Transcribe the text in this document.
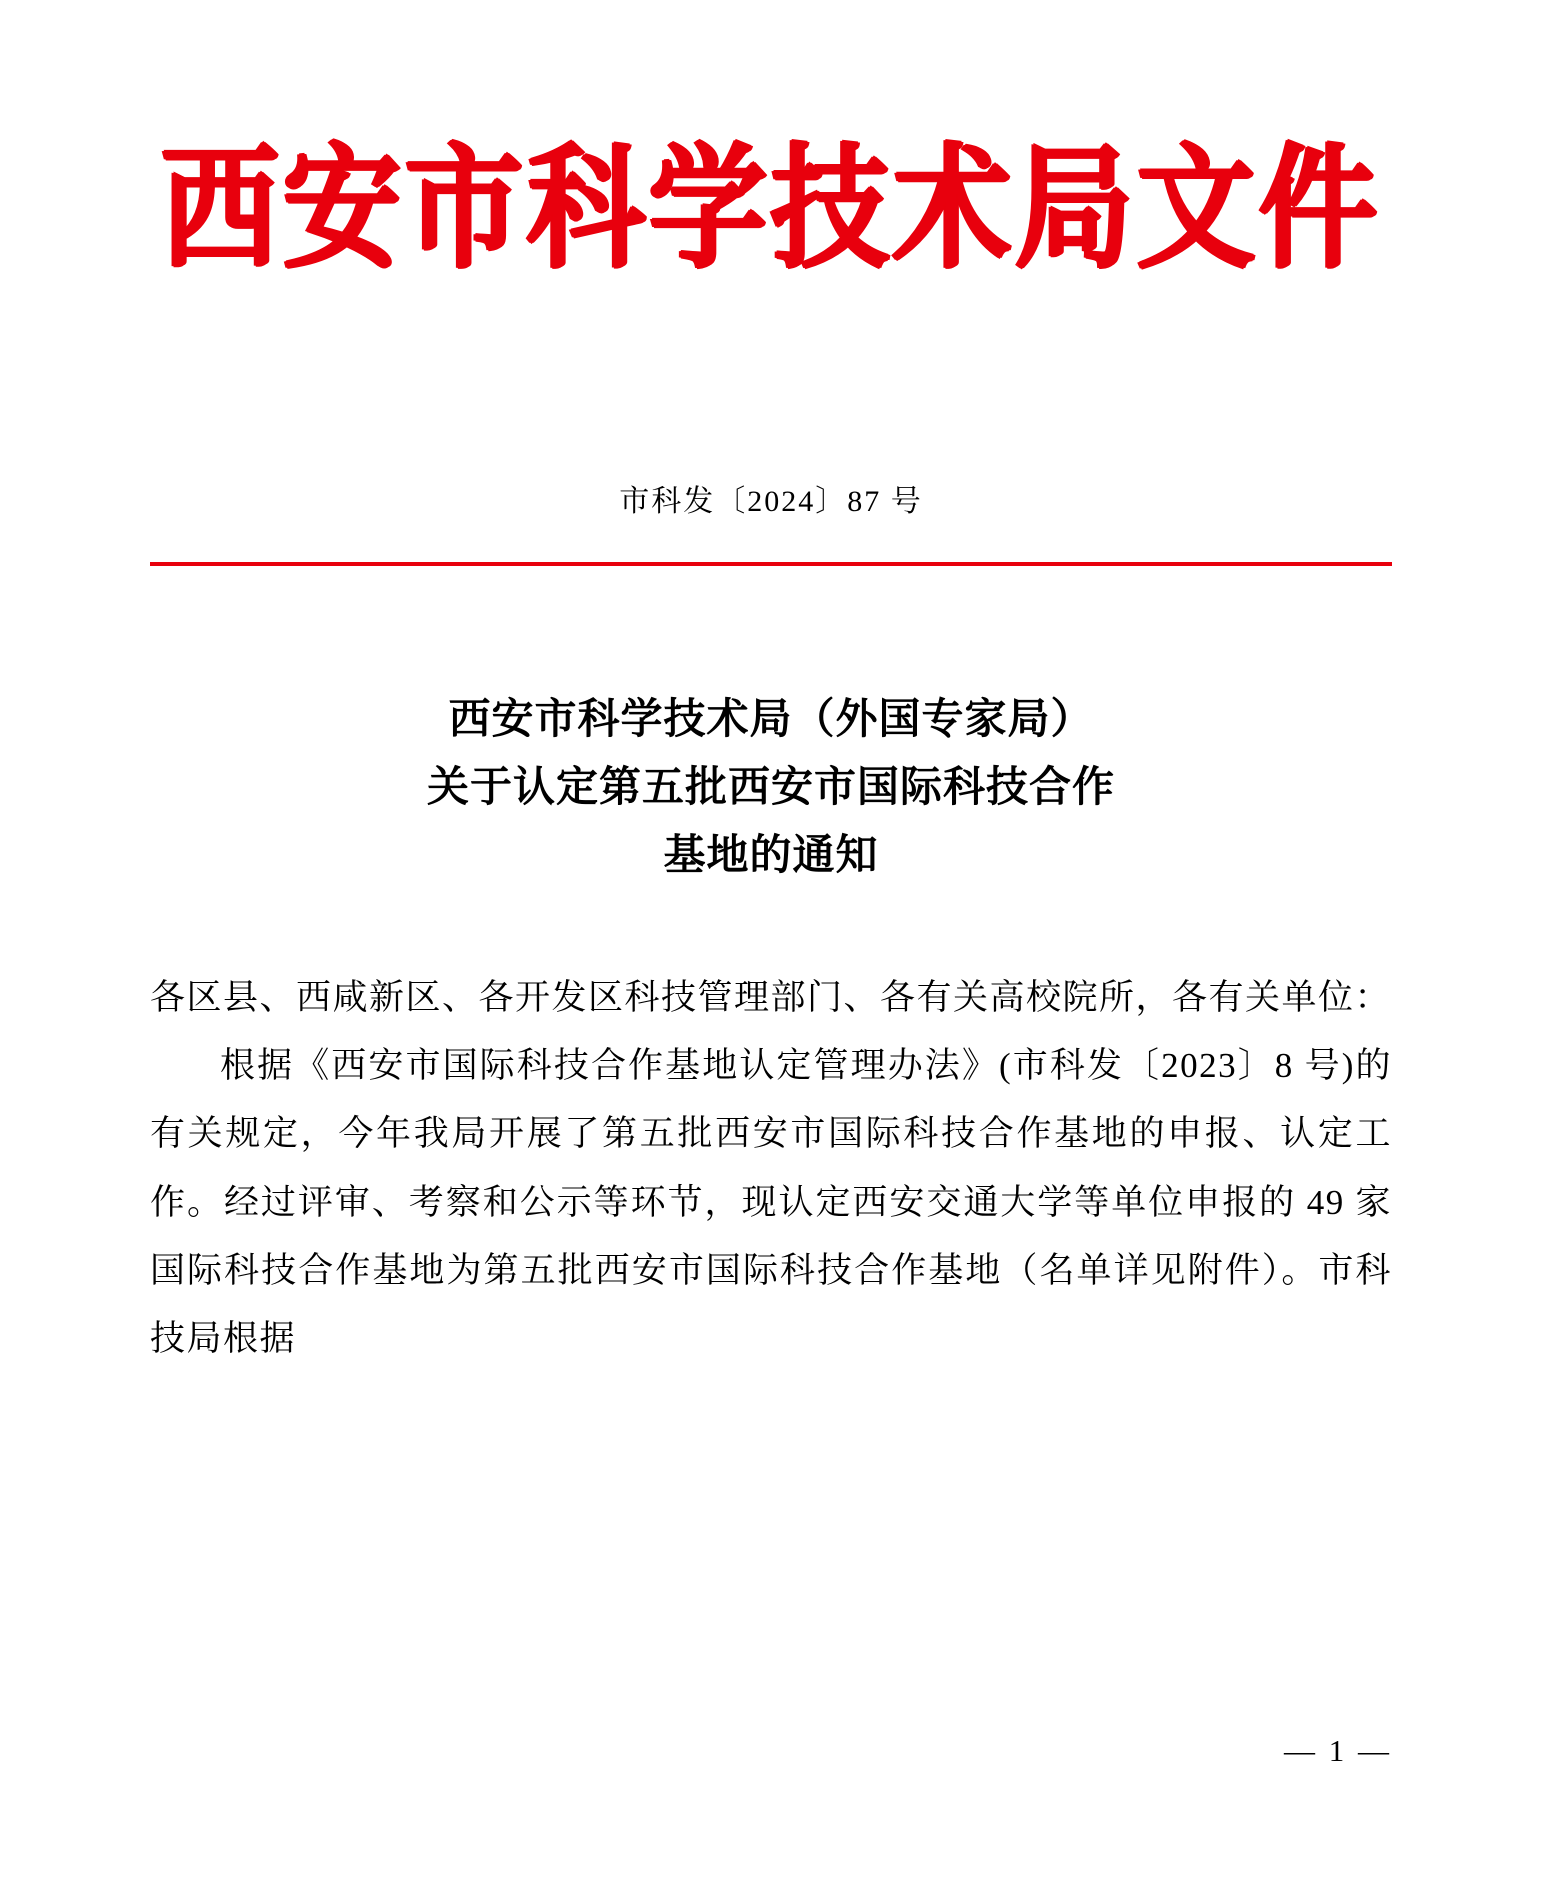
西安市科学技术局文件
市科发〔2024〕87 号
西安市科学技术局（外国专家局）
关于认定第五批西安市国际科技合作
基地的通知

各区县、西咸新区、各开发区科技管理部门、各有关高校院所，各有关单位：

根据《西安市国际科技合作基地认定管理办法》(市科发〔2023〕8 号)的有关规定，今年我局开展了第五批西安市国际科技合作基地的申报、认定工作。经过评审、考察和公示等环节，现认定西安交通大学等单位申报的 49 家国际科技合作基地为第五批西安市国际科技合作基地（名单详见附件）。市科技局根据

— 1 —
